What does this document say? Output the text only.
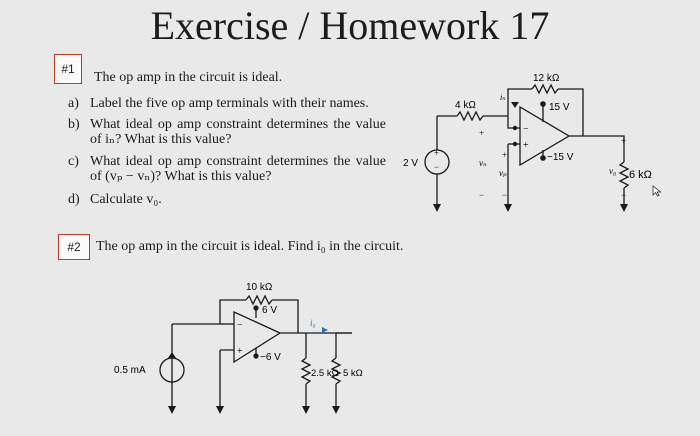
Exercise / Homework 17
#1
The op amp in the circuit is ideal.
a) Label the five op amp terminals with their names.
b) What ideal op amp constraint determines the value of iₙ? What is this value?
c) What ideal op amp constraint determines the value of (vₚ − vₙ)? What is this value?
d) Calculate v₀.
#2	The op amp in the circuit is ideal. Find i₀ in the circuit.
−
+
+
−
12 kΩ
4 kΩ
2 V
15 V
−15 V
6 kΩ
v₀
vₙ
vₚ
iₙ
+
−
+
−
+
−
−
+
10 kΩ
6 V
−6 V
0.5 mA	2.5 kΩ 5 kΩ
i₀
